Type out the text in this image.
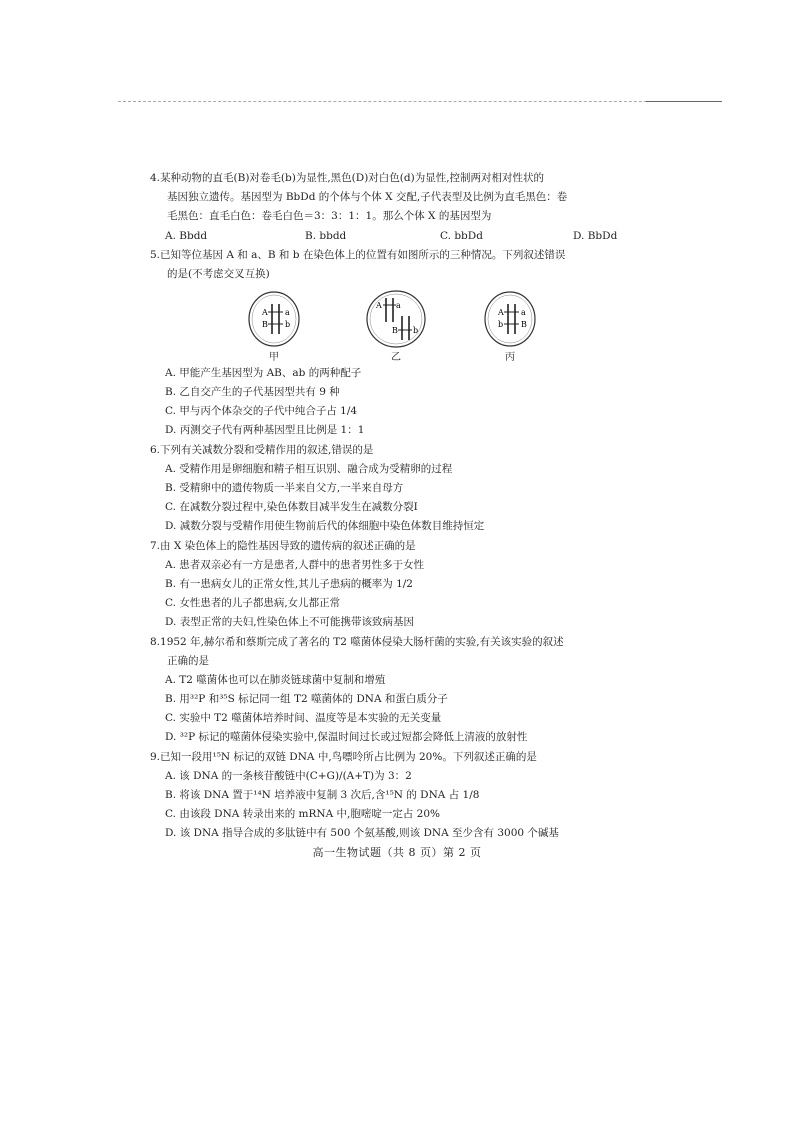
4.某种动物的直毛(B)对卷毛(b)为显性,黑色(D)对白色(d)为显性,控制两对相对性状的
基因独立遗传。基因型为 BbDd 的个体与个体 X 交配,子代表型及比例为直毛黑色：卷
毛黑色：直毛白色：卷毛白色＝3：3：1：1。那么个体 X 的基因型为
A. Bbdd	B. bbdd	C. bbDd	D. BbDd
5.已知等位基因 A 和 a、B 和 b 在染色体上的位置有如图所示的三种情况。下列叙述错误
的是(不考虑交叉互换)
A
B
a
b
A a
B b
A
b
a
B
甲	乙	丙
A. 甲能产生基因型为 AB、ab 的两种配子
B. 乙自交产生的子代基因型共有 9 种
C. 甲与丙个体杂交的子代中纯合子占 1/4
D. 丙测交子代有两种基因型且比例是 1：1
6.下列有关减数分裂和受精作用的叙述,错误的是
A. 受精作用是卵细胞和精子相互识别、融合成为受精卵的过程
B. 受精卵中的遗传物质一半来自父方,一半来自母方
C. 在减数分裂过程中,染色体数目减半发生在减数分裂Ⅰ
D. 减数分裂与受精作用使生物前后代的体细胞中染色体数目维持恒定
7.由 X 染色体上的隐性基因导致的遗传病的叙述正确的是
A. 患者双亲必有一方是患者,人群中的患者男性多于女性
B. 有一患病女儿的正常女性,其儿子患病的概率为 1/2
C. 女性患者的儿子都患病,女儿都正常
D. 表型正常的夫妇,性染色体上不可能携带该致病基因
8.1952 年,赫尔希和蔡斯完成了著名的 T2 噬菌体侵染大肠杆菌的实验,有关该实验的叙述
正确的是
A. T2 噬菌体也可以在肺炎链球菌中复制和增殖
B. 用³²P 和³⁵S 标记同一组 T2 噬菌体的 DNA 和蛋白质分子
C. 实验中 T2 噬菌体培养时间、温度等是本实验的无关变量
D. ³²P 标记的噬菌体侵染实验中,保温时间过长或过短都会降低上清液的放射性
9.已知一段用¹⁵N 标记的双链 DNA 中,鸟嘌呤所占比例为 20%。下列叙述正确的是
A. 该 DNA 的一条核苷酸链中(C+G)/(A+T)为 3：2
B. 将该 DNA 置于¹⁴N 培养液中复制 3 次后,含¹⁵N 的 DNA 占 1/8
C. 由该段 DNA 转录出来的 mRNA 中,胞嘧啶一定占 20%
D. 该 DNA 指导合成的多肽链中有 500 个氨基酸,则该 DNA 至少含有 3000 个碱基
高一生物试题（共 8 页）第 2 页
